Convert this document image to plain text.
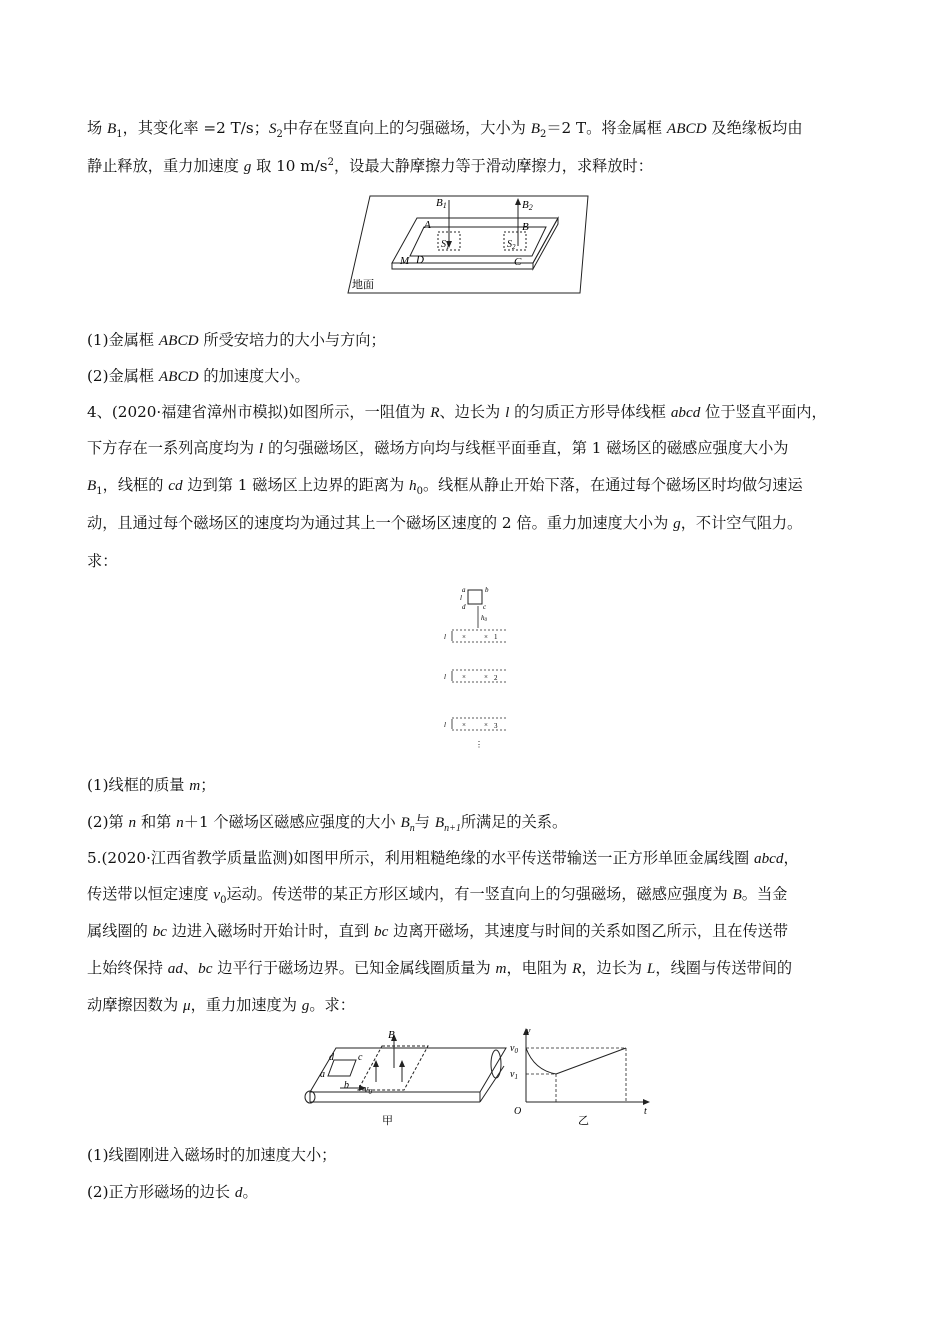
场 $B_1$，其变化率 =2 T/s；$S_2$中存在竖直向上的匀强磁场，大小为 $B_2=2$ T。将金属框 ABCD 及绝缘板均由
静止释放，重力加速度 g 取 10 $m/s^2$，设最大静摩擦力等于滑动摩擦力，求释放时：
B1	B2
A	B
$S_1$	$S_2$
M D	C
地面
(1)金属框 ABCD 所受安培力的大小与方向；
(2)金属框 ABCD 的加速度大小。
4、(2020·福建省漳州市模拟)如图所示，一阻值为 R、边长为 l 的匀质正方形导体线框 abcd 位于竖直平面内，
下方存在一系列高度均为 l 的匀强磁场区，磁场方向均与线框平面垂直，第 1 磁场区的磁感应强度大小为
$B_1$，线框的 cd 边到第 1 磁场区上边界的距离为 $h_0$。线框从静止开始下落，在通过每个磁场区时均做匀速运
动，且通过每个磁场区的速度均为通过其上一个磁场区速度的 2 倍。重力加速度大小为 g，不计空气阻力。
求：
a	b
l
d	c
h0
l ×	× 1
l ×	× 2
l ×	× 3
⋮
(1)线框的质量 m；
(2)第 n 和第 n＋1 个磁场区磁感应强度的大小 $B_n$与 $B_{n+1}$所满足的关系。
5.(2020·江西省教学质量监测)如图甲所示，利用粗糙绝缘的水平传送带输送一正方形单匝金属线圈 abcd，
传送带以恒定速度 $v_0$运动。传送带的某正方形区域内，有一竖直向上的匀强磁场，磁感应强度为 B。当金
属线圈的 bc 边进入磁场时开始计时，直到 bc 边离开磁场，其速度与时间的关系如图乙所示，且在传送带
上始终保持 ad、bc 边平行于磁场边界。已知金属线圈质量为 m，电阻为 R，边长为 L，线圈与传送带间的
动摩擦因数为 μ，重力加速度为 g。求：
B
d c
a
b $v_0$
甲
v
$v_0$
$v_1$
O	t
乙
(1)线圈刚进入磁场时的加速度大小；
(2)正方形磁场的边长 d。
